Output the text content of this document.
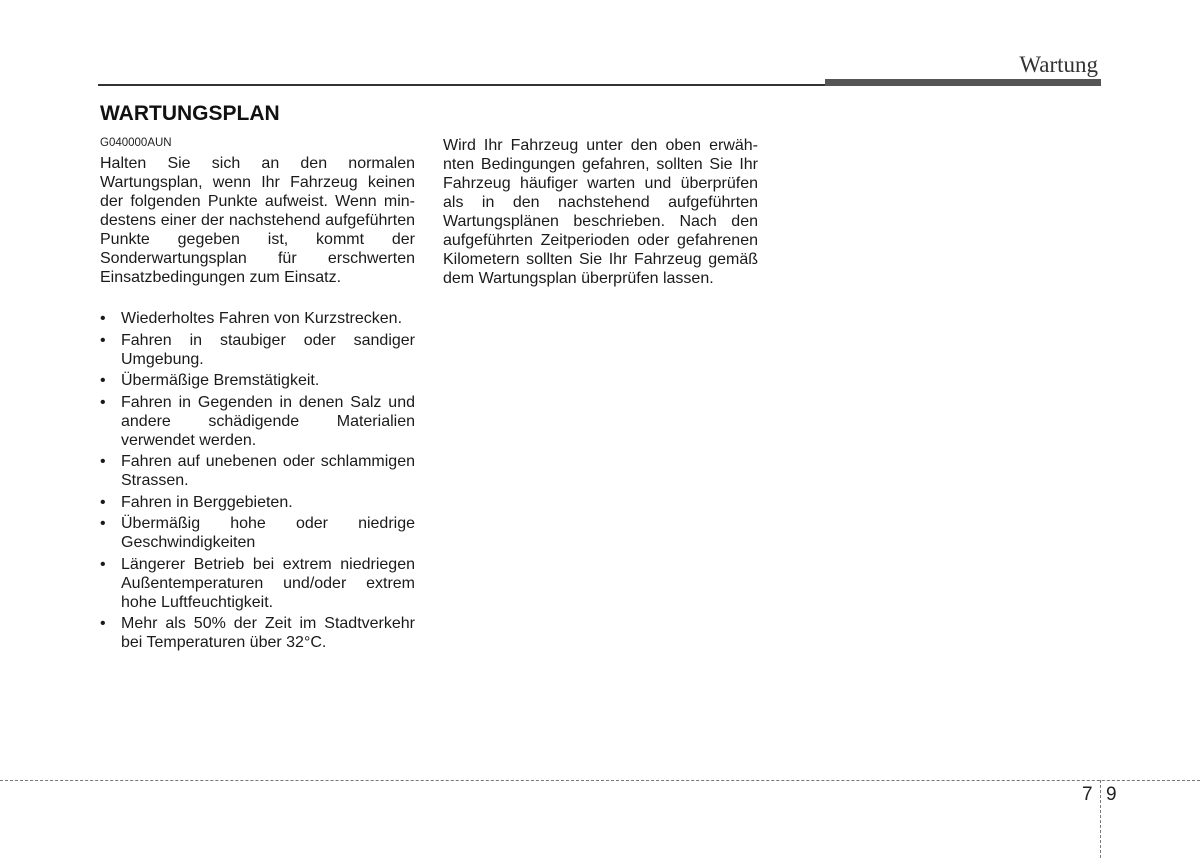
Wartung
WARTUNGSPLAN
G040000AUN

Halten Sie sich an den normalen Wartungsplan, wenn Ihr Fahrzeug keinen der folgenden Punkte aufweist. Wenn mindestens einer der nachstehend aufgeführten Punkte gegeben ist, kommt der Sonderwartungsplan für erschwerten Einsatzbedingungen zum Einsatz.

• Wiederholtes Fahren von Kurzstrecken.
• Fahren in staubiger oder sandiger Umgebung.
• Übermäßige Bremstätigkeit.
• Fahren in Gegenden in denen Salz und andere schädigende Materialien verwendet werden.
• Fahren auf unebenen oder schlammigen Strassen.
• Fahren in Berggebieten.
• Übermäßig hohe oder niedrige Geschwindigkeiten
• Längerer Betrieb bei extrem niedriegen Außentemperaturen und/oder extrem hohe Luftfeuchtigkeit.
• Mehr als 50% der Zeit im Stadtverkehr bei Temperaturen über 32°C.

Wird Ihr Fahrzeug unter den oben erwähnten Bedingungen gefahren, sollten Sie Ihr Fahrzeug häufiger warten und überprüfen als in den nachstehend aufgeführten Wartungsplänen beschrieben. Nach den aufgeführten Zeitperioden oder gefahrenen Kilometern sollten Sie Ihr Fahrzeug gemäß dem Wartungsplan überprüfen lassen.

7 9
